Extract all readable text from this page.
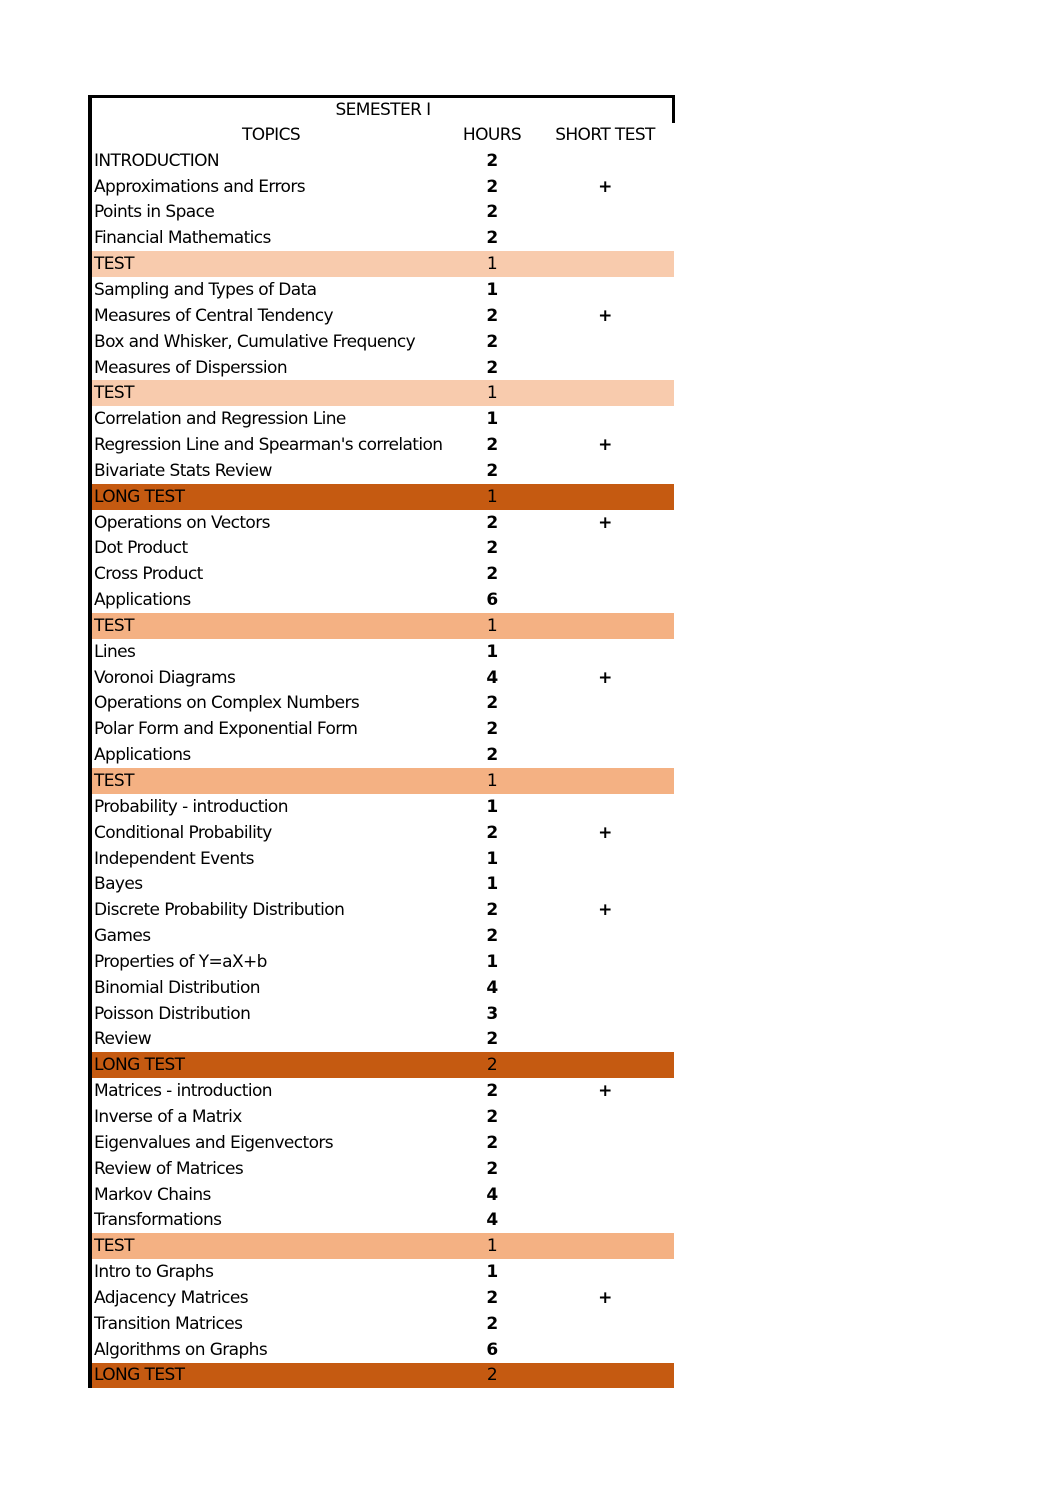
SEMESTER I
TOPICS	HOURS	SHORT TEST
INTRODUCTION	2
Approximations and Errors	2	+
Points in Space	2
Financial Mathematics	2
TEST	1
Sampling and Types of Data	1
Measures of Central Tendency	2	+
Box and Whisker, Cumulative Frequency	2
Measures of Disperssion	2
TEST	1
Correlation and Regression Line	1
Regression Line and Spearman's correlation	2	+
Bivariate Stats Review	2
LONG TEST	1
Operations on Vectors	2	+
Dot Product	2
Cross Product	2
Applications	6
TEST	1
Lines	1
Voronoi Diagrams	4	+
Operations on Complex Numbers	2
Polar Form and Exponential Form	2
Applications	2
TEST	1
Probability - introduction	1
Conditional Probability	2	+
Independent Events	1
Bayes	1
Discrete Probability Distribution	2	+
Games	2
Properties of Y=aX+b	1
Binomial Distribution	4
Poisson Distribution	3
Review	2
LONG TEST	2
Matrices - introduction	2	+
Inverse of a Matrix	2
Eigenvalues and Eigenvectors	2
Review of Matrices	2
Markov Chains	4
Transformations	4
TEST	1
Intro to Graphs	1
Adjacency Matrices	2	+
Transition Matrices	2
Algorithms on Graphs	6
LONG TEST	2
